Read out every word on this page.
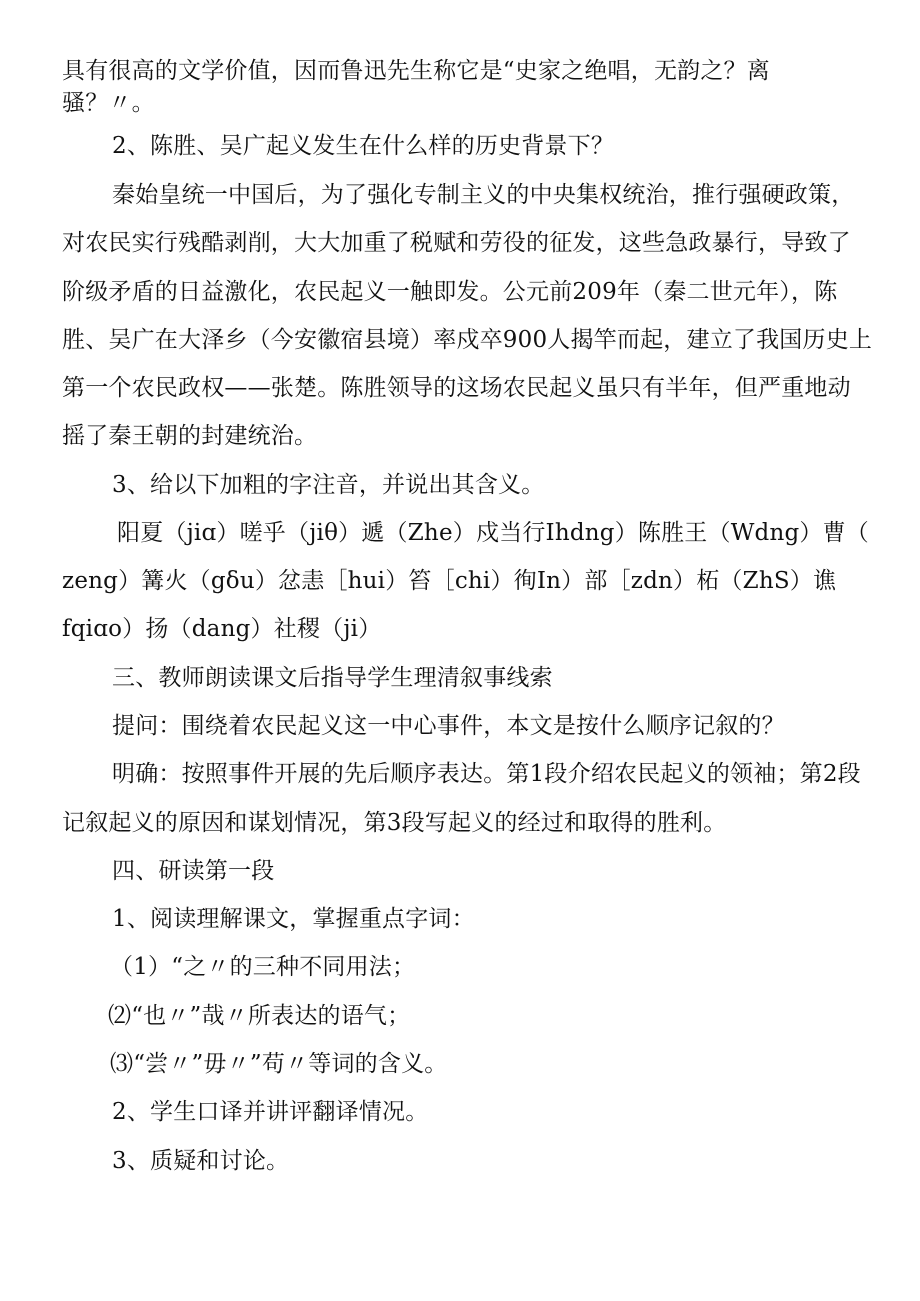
具有很高的文学价值，因而鲁迅先生称它是“史家之绝唱，无韵之？离
骚？〃。
2、陈胜、吴广起义发生在什么样的历史背景下？
秦始皇统一中国后，为了强化专制主义的中央集权统治，推行强硬政策，
对农民实行残酷剥削，大大加重了税赋和劳役的征发，这些急政暴行，导致了
阶级矛盾的日益激化，农民起义一触即发。公元前209年（秦二世元年），陈
胜、吴广在大泽乡（今安徽宿县境）率戍卒900人揭竿而起，建立了我国历史上
第一个农民政权——张楚。陈胜领导的这场农民起义虽只有半年，但严重地动
摇了秦王朝的封建统治。
3、给以下加粗的字注音，并说出其含义。
阳夏（jiɑ）嗟乎（jiθ）遞（Zhe）戍当行Ihdng）陈胜王（Wdng）曹（
zeng）篝火（gδu）忿恚［hui）笞［chi）徇In）部［zdn）柘（ZhS）谯
fqiɑo）扬（dang）社稷（ji）
三、教师朗读课文后指导学生理清叙事线索
提问：围绕着农民起义这一中心事件，本文是按什么顺序记叙的？
明确：按照事件开展的先后顺序表达。第1段介绍农民起义的领袖；第2段
记叙起义的原因和谋划情况，第3段写起义的经过和取得的胜利。
四、研读第一段
1、阅读理解课文，掌握重点字词：
（1）“之〃的三种不同用法；
⑵“也〃”哉〃所表达的语气；
⑶“尝〃”毋〃”苟〃等词的含义。
2、学生口译并讲评翻译情况。
3、质疑和讨论。
